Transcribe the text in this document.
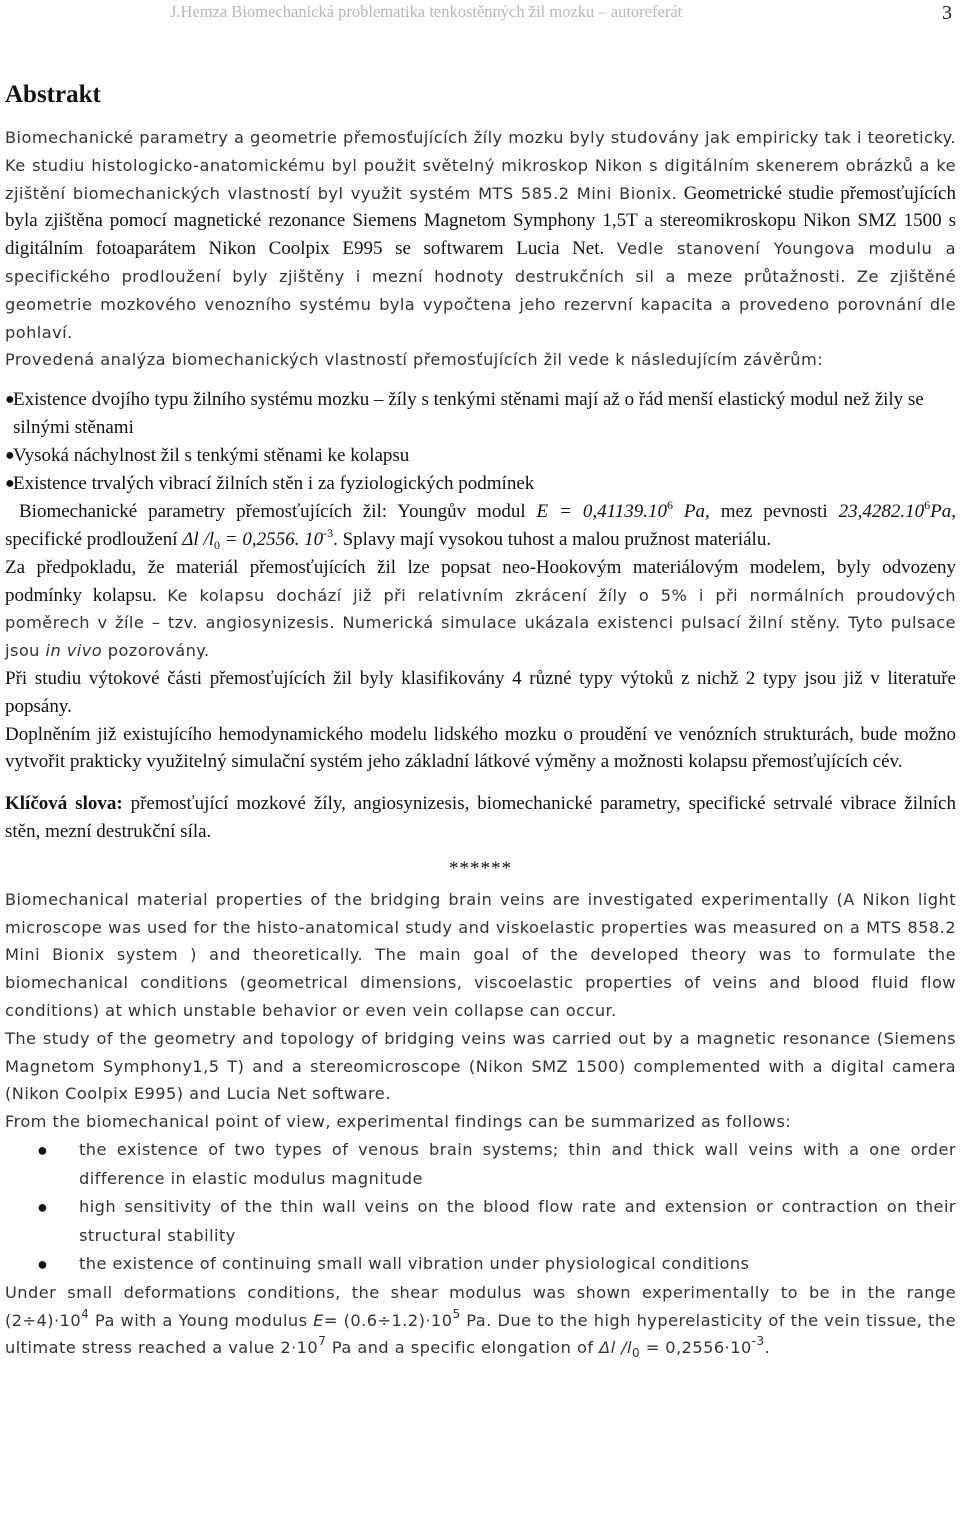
J.Hemza Biomechanická problematika tenkostěnných žil mozku – autoreferát	3
Abstrakt

Biomechanické parametry a geometrie přemosťujících žíly mozku byly studovány jak empiricky tak i teoreticky. Ke studiu histologicko-anatomickému byl použit světelný mikroskop Nikon s digitálním skenerem obrázků a ke zjištění biomechanických vlastností byl využit systém MTS 585.2 Mini Bionix. Geometrické studie přemosťujících byla zjištěna pomocí magnetické rezonance Siemens Magnetom Symphony 1,5T a stereomikroskopu Nikon SMZ 1500 s digitálním fotoaparátem Nikon Coolpix E995 se softwarem Lucia Net. Vedle stanovení Youngova modulu a specifického prodloužení byly zjištěny i mezní hodnoty destrukčních sil a meze průtažnosti. Ze zjištěné geometrie mozkového venozního systému byla vypočtena jeho rezervní kapacita a provedeno porovnání dle pohlaví.

Provedená analýza biomechanických vlastností přemosťujících žil vede k následujícím závěrům:

●
Existence dvojího typu žilního systému mozku – žíly s tenkými stěnami mají až o řád menší elastický modul než žily se silnými stěnami
●
Vysoká náchylnost žil s tenkými stěnami ke kolapsu
●
Existence trvalých vibrací žilních stěn i za fyziologických podmínek

Biomechanické parametry přemosťujících žil: Youngův modul $E = 0,41139.10^6$ Pa, mez pevnosti 23,4282.10$^6$Pa, specifické prodloužení Δl $/l_0 = 0,2556$. $10^{-3}$. Splavy mají vysokou tuhost a malou pružnost materiálu.

Za předpokladu, že materiál přemosťujících žil lze popsat neo-Hookovým materiálovým modelem, byly odvozeny podmínky kolapsu. Ke kolapsu dochází již při relativním zkrácení žíly o 5% i při normálních proudových poměrech v žíle – tzv. angiosynizesis. Numerická simulace ukázala existenci pulsací žilní stěny. Tyto pulsace jsou in vivo pozorovány.

Při studiu výtokové části přemosťujících žil byly klasifikovány 4 různé typy výtoků z nichž 2 typy jsou již v literatuře popsány.

Doplněním již existujícího hemodynamického modelu lidského mozku o proudění ve venózních strukturách, bude možno vytvořit prakticky využitelný simulační systém jeho základní látkové výměny a možnosti kolapsu přemosťujících cév.

Klíčová slova: přemosťující mozkové žíly, angiosynizesis, biomechanické parametry, specifické setrvalé vibrace žilních stěn, mezní destrukční síla.

******

Biomechanical material properties of the bridging brain veins are investigated experimentally (A Nikon light microscope was used for the histo-anatomical study and viskoelastic properties was measured on a MTS 858.2 Mini Bionix system ) and theoretically. The main goal of the developed theory was to formulate the biomechanical conditions (geometrical dimensions, viscoelastic properties of veins and blood fluid flow conditions) at which unstable behavior or even vein collapse can occur.

The study of the geometry and topology of bridging veins was carried out by a magnetic resonance (Siemens Magnetom Symphony1,5 T) and a stereomicroscope (Nikon SMZ 1500) complemented with a digital camera (Nikon Coolpix E995) and Lucia Net software.

From the biomechanical point of view, experimental findings can be summarized as follows:

●	the existence of two types of venous brain systems; thin and thick wall veins with a one order difference in elastic modulus magnitude
●	high sensitivity of the thin wall veins on the blood flow rate and extension or contraction on their structural stability
●	the existence of continuing small wall vibration under physiological conditions

Under small deformations conditions, the shear modulus was shown experimentally to be in the range $(2\div 4)\cdot 10^4$ Pa with a Young modulus $E= (0.6\div 1.2)\cdot 10^5$ Pa. Due to the high hyperelasticity of the vein tissue, the ultimate stress reached a value $2\cdot 10^7$ Pa and a specific elongation of Δl $/l_0 = 0,2556\cdot 10^{-3}$.
